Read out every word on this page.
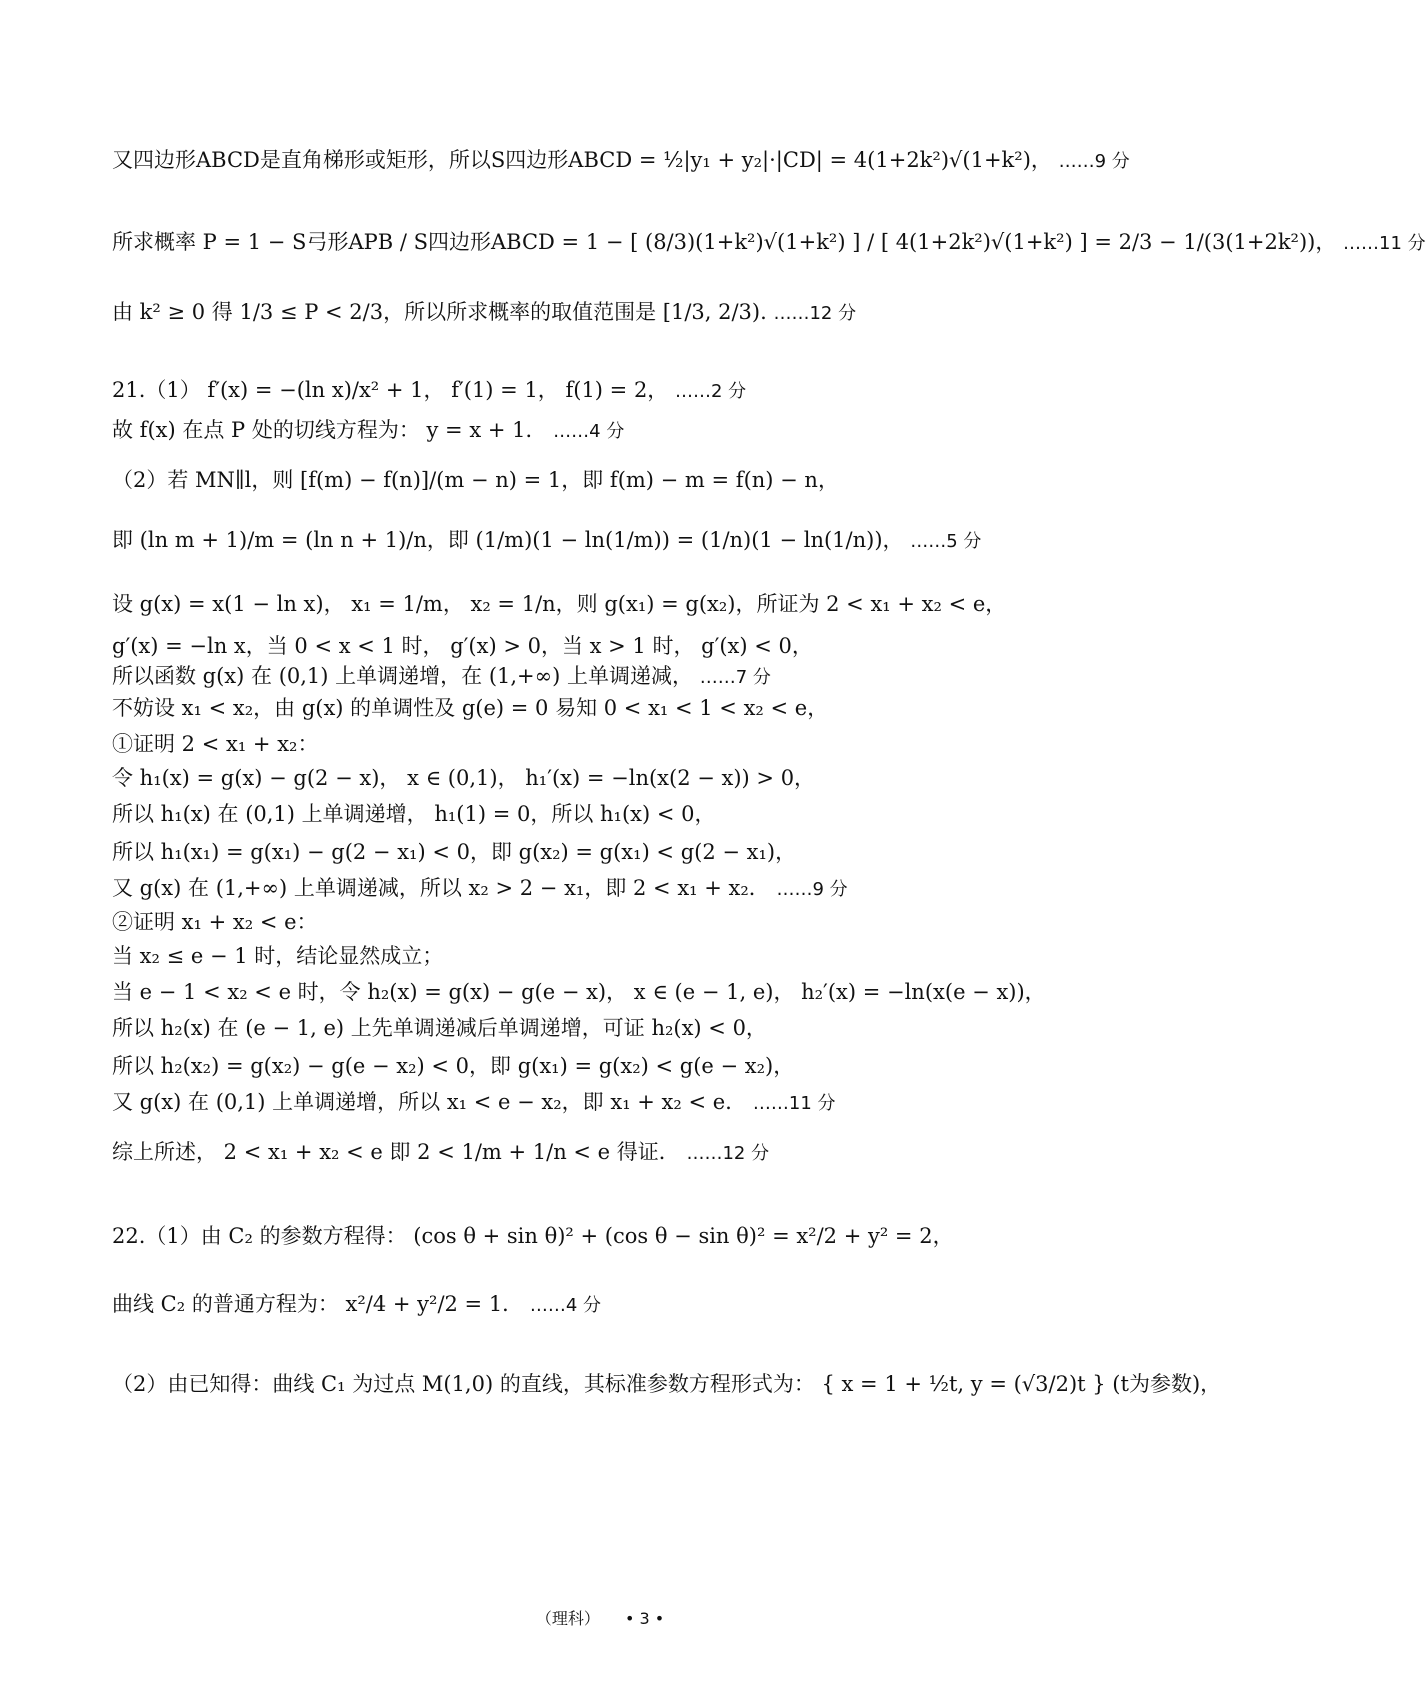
又四边形ABCD是直角梯形或矩形，所以S四边形ABCD = ½|y₁ + y₂|·|CD| = 4(1+2k²)√(1+k²)， ……9 分
所求概率 P = 1 − S弓形APB / S四边形ABCD = 1 − [ (8/3)(1+k²)√(1+k²) ] / [ 4(1+2k²)√(1+k²) ] = 2/3 − 1/(3(1+2k²))， ……11 分
由 k² ≥ 0 得 1/3 ≤ P < 2/3，所以所求概率的取值范围是 [1/3, 2/3). ……12 分
21.（1） f′(x) = −(ln x)/x² + 1， f′(1) = 1， f(1) = 2， ……2 分
故 f(x) 在点 P 处的切线方程为： y = x + 1． ……4 分
（2）若 MN∥l，则 [f(m) − f(n)]/(m − n) = 1，即 f(m) − m = f(n) − n，
即 (ln m + 1)/m = (ln n + 1)/n，即 (1/m)(1 − ln(1/m)) = (1/n)(1 − ln(1/n))， ……5 分
设 g(x) = x(1 − ln x)， x₁ = 1/m， x₂ = 1/n，则 g(x₁) = g(x₂)，所证为 2 < x₁ + x₂ < e，
g′(x) = −ln x，当 0 < x < 1 时， g′(x) > 0，当 x > 1 时， g′(x) < 0，
所以函数 g(x) 在 (0,1) 上单调递增，在 (1,+∞) 上单调递减， ……7 分
不妨设 x₁ < x₂，由 g(x) 的单调性及 g(e) = 0 易知 0 < x₁ < 1 < x₂ < e，
①证明 2 < x₁ + x₂：
令 h₁(x) = g(x) − g(2 − x)， x ∈ (0,1)， h₁′(x) = −ln(x(2 − x)) > 0，
所以 h₁(x) 在 (0,1) 上单调递增， h₁(1) = 0，所以 h₁(x) < 0，
所以 h₁(x₁) = g(x₁) − g(2 − x₁) < 0，即 g(x₂) = g(x₁) < g(2 − x₁)，
又 g(x) 在 (1,+∞) 上单调递减，所以 x₂ > 2 − x₁，即 2 < x₁ + x₂． ……9 分
②证明 x₁ + x₂ < e：
当 x₂ ≤ e − 1 时，结论显然成立；
当 e − 1 < x₂ < e 时，令 h₂(x) = g(x) − g(e − x)， x ∈ (e − 1, e)， h₂′(x) = −ln(x(e − x))，
所以 h₂(x) 在 (e − 1, e) 上先单调递减后单调递增，可证 h₂(x) < 0，
所以 h₂(x₂) = g(x₂) − g(e − x₂) < 0，即 g(x₁) = g(x₂) < g(e − x₂)，
又 g(x) 在 (0,1) 上单调递增，所以 x₁ < e − x₂，即 x₁ + x₂ < e． ……11 分
综上所述， 2 < x₁ + x₂ < e 即 2 < 1/m + 1/n < e 得证． ……12 分
22.（1）由 C₂ 的参数方程得： (cos θ + sin θ)² + (cos θ − sin θ)² = x²/2 + y² = 2，
曲线 C₂ 的普通方程为： x²/4 + y²/2 = 1． ……4 分
（2）由已知得：曲线 C₁ 为过点 M(1,0) 的直线，其标准参数方程形式为： { x = 1 + ½t, y = (√3/2)t } (t为参数)，
（理科） • 3 •
